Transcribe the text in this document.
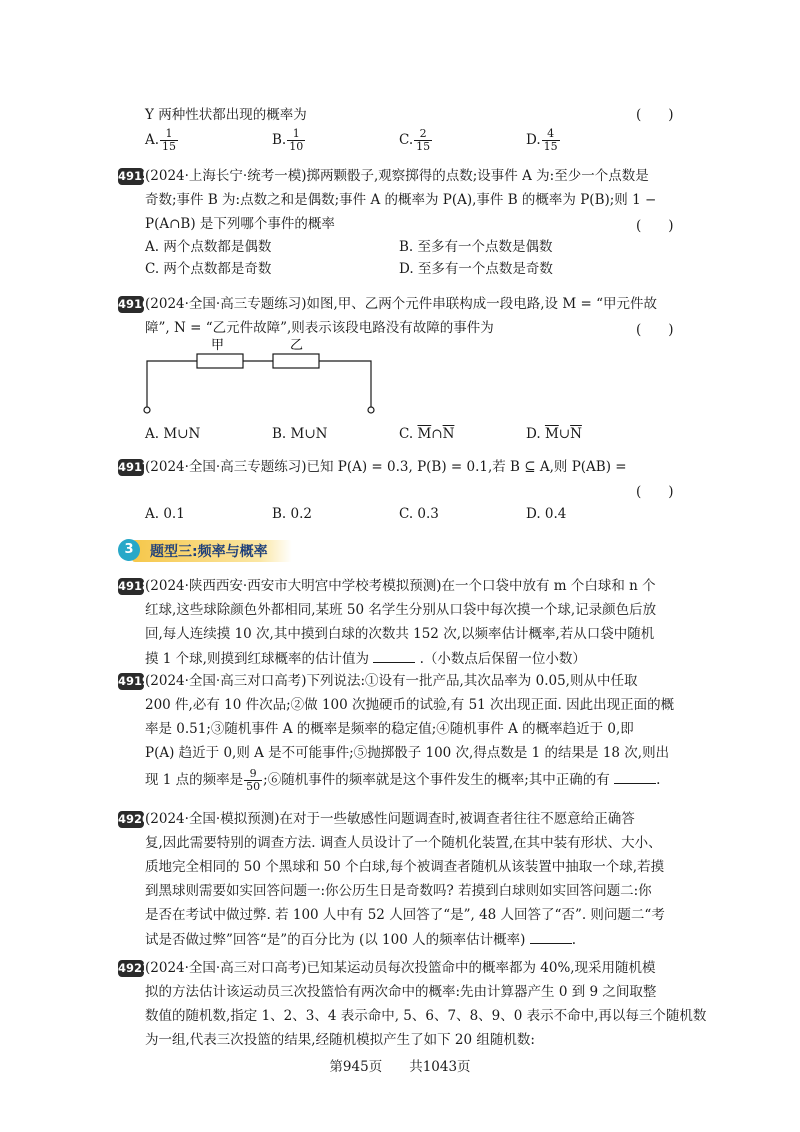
Y 两种性状都出现的概率为	(　　)
A. $\frac{1}{15}$	B. $\frac{1}{10}$	C. $\frac{2}{15}$	D. $\frac{4}{15}$
4915
(2024·上海长宁·统考一模)掷两颗骰子,观察掷得的点数;设事件 A 为:至少一个点数是
奇数;事件 B 为:点数之和是偶数;事件 A 的概率为 P(A),事件 B 的概率为 P(B);则 1 −
P(A∩B) 是下列哪个事件的概率	(　　)
A. 两个点数都是偶数	B. 至多有一个点数是偶数
C. 两个点数都是奇数	D. 至多有一个点数是奇数
4916
(2024·全国·高三专题练习)如图,甲、乙两个元件串联构成一段电路,设 M = “甲元件故
障”, N = “乙元件故障”,则表示该段电路没有故障的事件为	(　　)
甲	乙
A. M∪N	B. M∪N	C. $\overline{M}\cap\overline{N}$	D. $\overline{M}\cup\overline{N}$
4917
(2024·全国·高三专题练习)已知 P(A) = 0.3, P(B) = 0.1,若 B ⊆ A,则 P(AB) =
(　　)
A. 0.1	B. 0.2	C. 0.3	D. 0.4
3	题型三:频率与概率
4918
(2024·陕西西安·西安市大明宫中学校考模拟预测)在一个口袋中放有 m 个白球和 n 个
红球,这些球除颜色外都相同,某班 50 名学生分别从口袋中每次摸一个球,记录颜色后放
回,每人连续摸 10 次,其中摸到白球的次数共 152 次,以频率估计概率,若从口袋中随机
摸 1 个球,则摸到红球概率的估计值为	.（小数点后保留一位小数）
4919
(2024·全国·高三对口高考)下列说法:①设有一批产品,其次品率为 0.05,则从中任取
200 件,必有 10 件次品;②做 100 次抛硬币的试验,有 51 次出现正面. 因此出现正面的概
率是 0.51;③随机事件 A 的概率是频率的稳定值;④随机事件 A 的概率趋近于 0,即
P(A) 趋近于 0,则 A 是不可能事件;⑤抛掷骰子 100 次,得点数是 1 的结果是 18 次,则出
现 1 点的频率是 $\frac{9}{50}$ ;⑥随机事件的频率就是这个事件发生的概率;其中正确的有	.
4920
(2024·全国·模拟预测)在对于一些敏感性问题调查时,被调查者往往不愿意给正确答
复,因此需要特别的调查方法. 调查人员设计了一个随机化装置,在其中装有形状、大小、
质地完全相同的 50 个黑球和 50 个白球,每个被调查者随机从该装置中抽取一个球,若摸
到黑球则需要如实回答问题一:你公历生日是奇数吗? 若摸到白球则如实回答问题二:你
是否在考试中做过弊. 若 100 人中有 52 人回答了“是”, 48 人回答了“否”. 则问题二“考
试是否做过弊”回答“是”的百分比为 (以 100 人的频率估计概率)	.
4921
(2024·全国·高三对口高考)已知某运动员每次投篮命中的概率都为 40%,现采用随机模
拟的方法估计该运动员三次投篮恰有两次命中的概率:先由计算器产生 0 到 9 之间取整
数值的随机数,指定 1、2、3、4 表示命中, 5、6、7、8、9、0 表示不命中,再以每三个随机数
为一组,代表三次投篮的结果,经随机模拟产生了如下 20 组随机数:
第945页　　 共1043页
